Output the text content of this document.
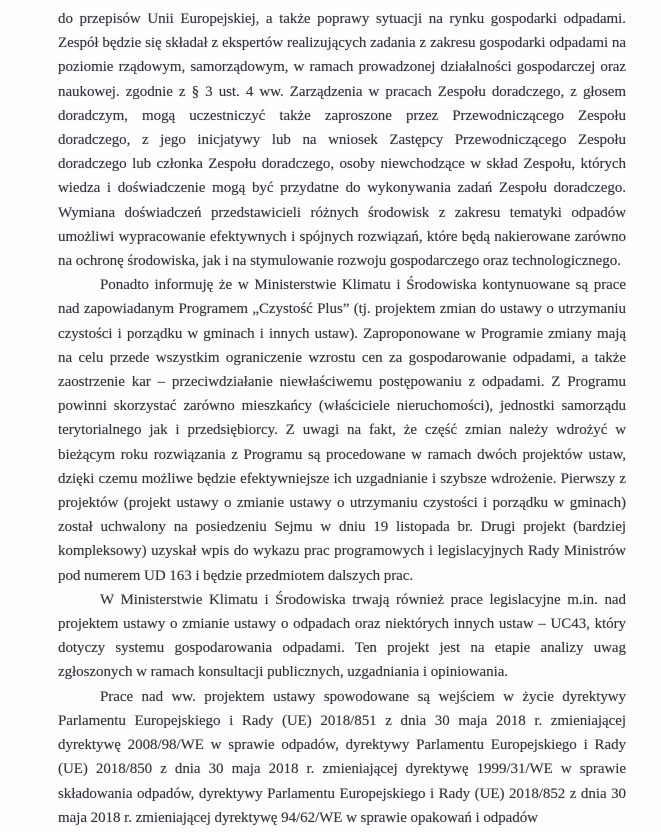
do przepisów Unii Europejskiej, a także poprawy sytuacji na rynku gospodarki odpadami. Zespół będzie się składał z ekspertów realizujących zadania z zakresu gospodarki odpadami na poziomie rządowym, samorządowym, w ramach prowadzonej działalności gospodarczej oraz naukowej. zgodnie z § 3 ust. 4 ww. Zarządzenia w pracach Zespołu doradczego, z głosem doradczym, mogą uczestniczyć także zaproszone przez Przewodniczącego Zespołu doradczego, z jego inicjatywy lub na wniosek Zastępcy Przewodniczącego Zespołu doradczego lub członka Zespołu doradczego, osoby niewchodzące w skład Zespołu, których wiedza i doświadczenie mogą być przydatne do wykonywania zadań Zespołu doradczego. Wymiana doświadczeń przedstawicieli różnych środowisk z zakresu tematyki odpadów umożliwi wypracowanie efektywnych i spójnych rozwiązań, które będą nakierowane zarówno na ochronę środowiska, jak i na stymulowanie rozwoju gospodarczego oraz technologicznego.

Ponadto informuję że w Ministerstwie Klimatu i Środowiska kontynuowane są prace nad zapowiadanym Programem „Czystość Plus” (tj. projektem zmian do ustawy o utrzymaniu czystości i porządku w gminach i innych ustaw). Zaproponowane w Programie zmiany mają na celu przede wszystkim ograniczenie wzrostu cen za gospodarowanie odpadami, a także zaostrzenie kar – przeciwdziałanie niewłaściwemu postępowaniu z odpadami. Z Programu powinni skorzystać zarówno mieszkańcy (właściciele nieruchomości), jednostki samorządu terytorialnego jak i przedsiębiorcy. Z uwagi na fakt, że część zmian należy wdrożyć w bieżącym roku rozwiązania z Programu są procedowane w ramach dwóch projektów ustaw, dzięki czemu możliwe będzie efektywniejsze ich uzgadnianie i szybsze wdrożenie. Pierwszy z projektów (projekt ustawy o zmianie ustawy o utrzymaniu czystości i porządku w gminach) został uchwalony na posiedzeniu Sejmu w dniu 19 listopada br. Drugi projekt (bardziej kompleksowy) uzyskał wpis do wykazu prac programowych i legislacyjnych Rady Ministrów pod numerem UD 163 i będzie przedmiotem dalszych prac.

W Ministerstwie Klimatu i Środowiska trwają również prace legislacyjne m.in. nad projektem ustawy o zmianie ustawy o odpadach oraz niektórych innych ustaw – UC43, który dotyczy systemu gospodarowania odpadami. Ten projekt jest na etapie analizy uwag zgłoszonych w ramach konsultacji publicznych, uzgadniania i opiniowania.

Prace nad ww. projektem ustawy spowodowane są wejściem w życie dyrektywy Parlamentu Europejskiego i Rady (UE) 2018/851 z dnia 30 maja 2018 r. zmieniającej dyrektywę 2008/98/WE w sprawie odpadów, dyrektywy Parlamentu Europejskiego i Rady (UE) 2018/850 z dnia 30 maja 2018 r. zmieniającej dyrektywę 1999/31/WE w sprawie składowania odpadów, dyrektywy Parlamentu Europejskiego i Rady (UE) 2018/852 z dnia 30 maja 2018 r. zmieniającej dyrektywę 94/62/WE w sprawie opakowań i odpadów
